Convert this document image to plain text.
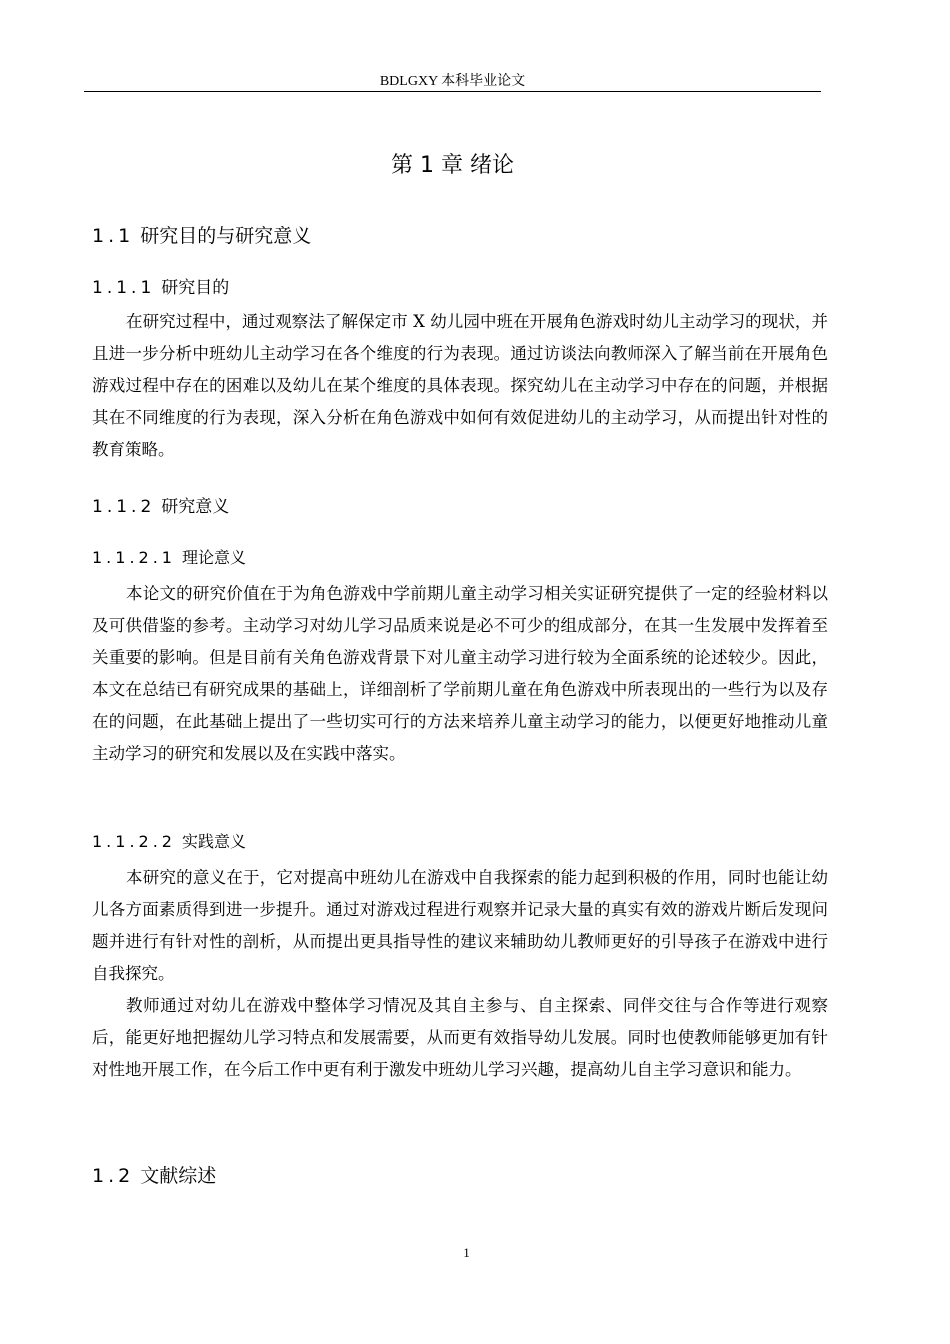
BDLGXY 本科毕业论文
第 1 章 绪论
1.1 研究目的与研究意义
1.1.1 研究目的

在研究过程中，通过观察法了解保定市 X 幼儿园中班在开展角色游戏时幼儿主动学习的现状，并且进一步分析中班幼儿主动学习在各个维度的行为表现。通过访谈法向教师深入了解当前在开展角色游戏过程中存在的困难以及幼儿在某个维度的具体表现。探究幼儿在主动学习中存在的问题，并根据其在不同维度的行为表现，深入分析在角色游戏中如何有效促进幼儿的主动学习，从而提出针对性的教育策略。

1.1.2 研究意义
1.1.2.1 理论意义

本论文的研究价值在于为角色游戏中学前期儿童主动学习相关实证研究提供了一定的经验材料以及可供借鉴的参考。主动学习对幼儿学习品质来说是必不可少的组成部分，在其一生发展中发挥着至关重要的影响。但是目前有关角色游戏背景下对儿童主动学习进行较为全面系统的论述较少。因此，本文在总结已有研究成果的基础上，详细剖析了学前期儿童在角色游戏中所表现出的一些行为以及存在的问题，在此基础上提出了一些切实可行的方法来培养儿童主动学习的能力，以便更好地推动儿童主动学习的研究和发展以及在实践中落实。

1.1.2.2 实践意义

本研究的意义在于，它对提高中班幼儿在游戏中自我探索的能力起到积极的作用，同时也能让幼儿各方面素质得到进一步提升。通过对游戏过程进行观察并记录大量的真实有效的游戏片断后发现问题并进行有针对性的剖析，从而提出更具指导性的建议来辅助幼儿教师更好的引导孩子在游戏中进行自我探究。

教师通过对幼儿在游戏中整体学习情况及其自主参与、自主探索、同伴交往与合作等进行观察后，能更好地把握幼儿学习特点和发展需要，从而更有效指导幼儿发展。同时也使教师能够更加有针对性地开展工作，在今后工作中更有利于激发中班幼儿学习兴趣，提高幼儿自主学习意识和能力。

1.2 文献综述
1
